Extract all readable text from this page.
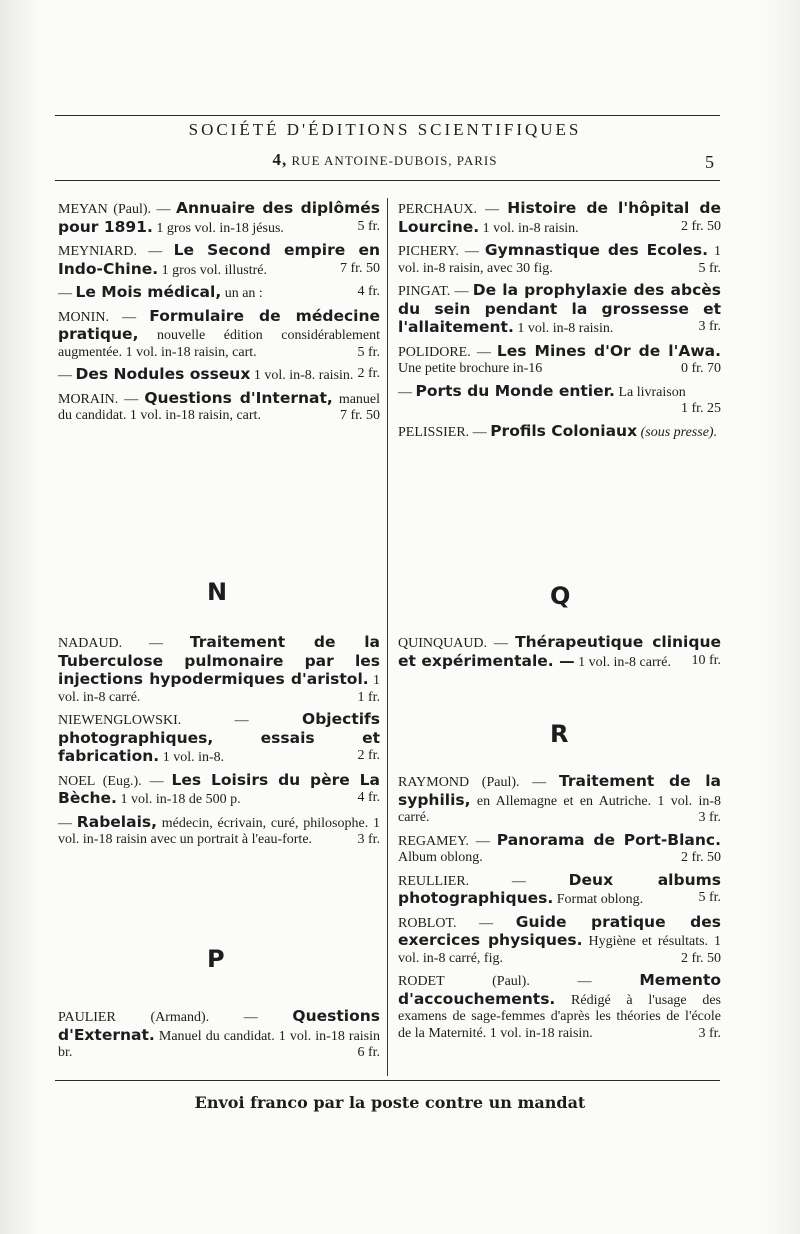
SOCIÉTÉ D'ÉDITIONS SCIENTIFIQUES
4, RUE ANTOINE-DUBOIS, PARIS	5

MEYAN (Paul). — Annuaire des diplômés pour 1891. 1 gros vol. in-18 jésus.	5 fr.

MEYNIARD. — Le Second empire en Indo-Chine. 1 gros vol. illustré.	7 fr. 50

— Le Mois médical, un an :	4 fr.

MONIN. — Formulaire de médecine pratique, nouvelle édition considérablement augmentée. 1 vol. in-18 raisin, cart.	5 fr.

— Des Nodules osseux 1 vol. in-8. raisin. 2 fr.

MORAIN. — Questions d'Internat, manuel du candidat. 1 vol. in-18 raisin, cart.	7 fr. 50

N

NADAUD. — Traitement de la Tuberculose pulmonaire par les injections hypodermiques d'aristol. 1 vol. in-8 carré.	1 fr.

NIEWENGLOWSKI. —	Objectifs photographiques, essais et fabrication. 1 vol. in-8.	2 fr.

NOEL (Eug.). — Les Loisirs du père La Bèche. 1 vol. in-18 de 500 p.	4 fr.

— Rabelais, médecin, écrivain, curé, philosophe. 1 vol. in-18 raisin avec un portrait à l'eau-forte.	3 fr.

P

PAULIER (Armand). — Questions d'Externat. Manuel du candidat. 1 vol. in-18 raisin br.	6 fr.

PERCHAUX. — Histoire de l'hôpital de Lourcine. 1 vol. in-8 raisin.	2 fr. 50

PICHERY. — Gymnastique des Ecoles. 1 vol. in-8 raisin, avec 30 fig.	5 fr.

PINGAT. — De la prophylaxie des abcès du sein pendant la grossesse et l'allaitement. 1 vol. in-8 raisin.	3 fr.

POLIDORE. — Les Mines d'Or de l'Awa. Une petite brochure in-16	0 fr. 70

— Ports du Monde entier. La livraison
1 fr. 25

PELISSIER. — Profils Coloniaux (sous presse).

Q

QUINQUAUD. — Thérapeutique clinique et expérimentale. — 1 vol. in-8 carré. 10 fr.

R

RAYMOND (Paul). — Traitement de la syphilis, en Allemagne et en Autriche. 1 vol. in-8 carré.	3 fr.

REGAMEY. — Panorama de Port-Blanc. Album oblong.	2 fr. 50

REULLIER. —	Deux albums photographiques. Format oblong.	5 fr.

ROBLOT. — Guide pratique des exercices physiques. Hygiène et résultats. 1 vol. in-8 carré, fig.	2 fr. 50

RODET (Paul). —	Memento d'accouchements. Rédigé à l'usage des examens de sage-femmes d'après les théories de l'école de la Maternité. 1 vol. in-18 raisin.	3 fr.

Envoi franco par la poste contre un mandat
